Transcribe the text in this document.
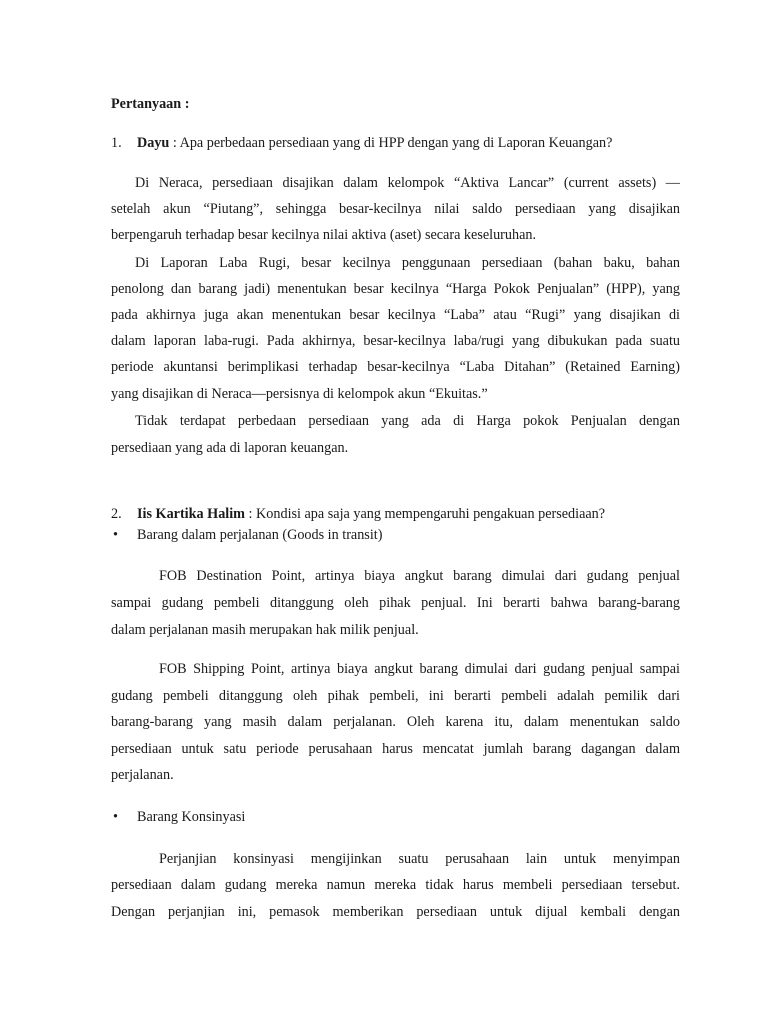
Pertanyaan :
1. Dayu : Apa perbedaan persediaan yang di HPP dengan yang di Laporan Keuangan?
Di Neraca, persediaan disajikan dalam kelompok “Aktiva Lancar” (current assets) —
setelah akun “Piutang”, sehingga besar-kecilnya nilai saldo persediaan yang disajikan
berpengaruh terhadap besar kecilnya nilai aktiva (aset) secara keseluruhan.
Di Laporan Laba Rugi, besar kecilnya penggunaan persediaan (bahan baku, bahan
penolong dan barang jadi) menentukan besar kecilnya “Harga Pokok Penjualan” (HPP), yang
pada akhirnya juga akan menentukan besar kecilnya “Laba” atau “Rugi” yang disajikan di
dalam laporan laba-rugi. Pada akhirnya, besar-kecilnya laba/rugi yang dibukukan pada suatu
periode akuntansi berimplikasi terhadap besar-kecilnya “Laba Ditahan” (Retained Earning)
yang disajikan di Neraca—persisnya di kelompok akun “Ekuitas.”
Tidak terdapat perbedaan persediaan yang ada di Harga pokok Penjualan dengan
persediaan yang ada di laporan keuangan.
2. Iis Kartika Halim : Kondisi apa saja yang mempengaruhi pengakuan persediaan?
• Barang dalam perjalanan (Goods in transit)
FOB Destination Point, artinya biaya angkut barang dimulai dari gudang penjual
sampai gudang pembeli ditanggung oleh pihak penjual. Ini berarti bahwa barang-barang
dalam perjalanan masih merupakan hak milik penjual.
FOB Shipping Point, artinya biaya angkut barang dimulai dari gudang penjual sampai
gudang pembeli ditanggung oleh pihak pembeli, ini berarti pembeli adalah pemilik dari
barang-barang yang masih dalam perjalanan. Oleh karena itu, dalam menentukan saldo
persediaan untuk satu periode perusahaan harus mencatat jumlah barang dagangan dalam
perjalanan.
• Barang Konsinyasi
Perjanjian konsinyasi mengijinkan suatu perusahaan lain untuk menyimpan
persediaan dalam gudang mereka namun mereka tidak harus membeli persediaan tersebut.
Dengan perjanjian ini, pemasok memberikan persediaan untuk dijual kembali dengan
